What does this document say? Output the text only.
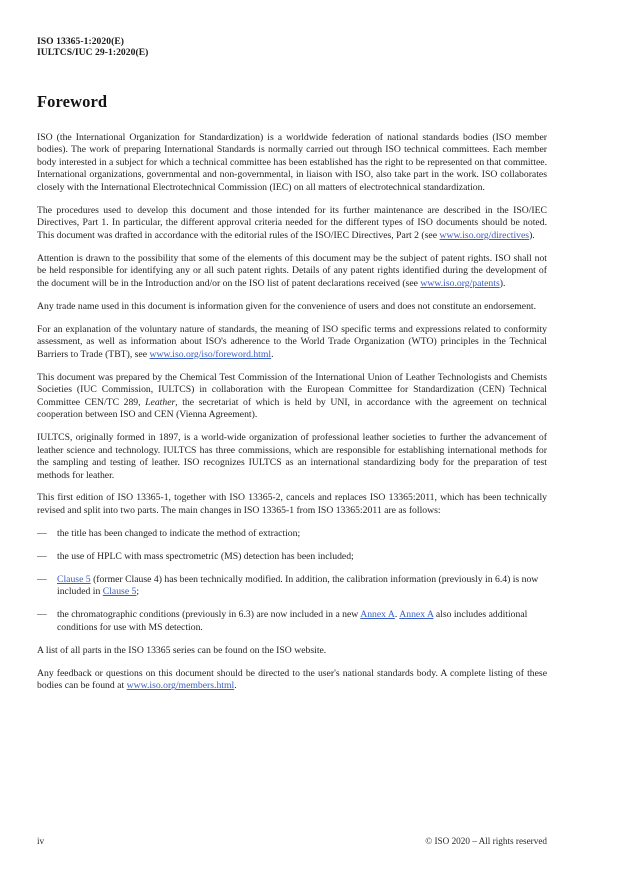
ISO 13365-1:2020(E)
IULTCS/IUC 29-1:2020(E)
Foreword

ISO (the International Organization for Standardization) is a worldwide federation of national standards bodies (ISO member bodies). The work of preparing International Standards is normally carried out through ISO technical committees. Each member body interested in a subject for which a technical committee has been established has the right to be represented on that committee. International organizations, governmental and non-governmental, in liaison with ISO, also take part in the work. ISO collaborates closely with the International Electrotechnical Commission (IEC) on all matters of electrotechnical standardization.

The procedures used to develop this document and those intended for its further maintenance are described in the ISO/IEC Directives, Part 1. In particular, the different approval criteria needed for the different types of ISO documents should be noted. This document was drafted in accordance with the editorial rules of the ISO/IEC Directives, Part 2 (see www.iso.org/directives).

Attention is drawn to the possibility that some of the elements of this document may be the subject of patent rights. ISO shall not be held responsible for identifying any or all such patent rights. Details of any patent rights identified during the development of the document will be in the Introduction and/or on the ISO list of patent declarations received (see www.iso.org/patents).

Any trade name used in this document is information given for the convenience of users and does not constitute an endorsement.

For an explanation of the voluntary nature of standards, the meaning of ISO specific terms and expressions related to conformity assessment, as well as information about ISO's adherence to the World Trade Organization (WTO) principles in the Technical Barriers to Trade (TBT), see www.iso.org/iso/foreword.html.

This document was prepared by the Chemical Test Commission of the International Union of Leather Technologists and Chemists Societies (IUC Commission, IULTCS) in collaboration with the European Committee for Standardization (CEN) Technical Committee CEN/TC 289, Leather, the secretariat of which is held by UNI, in accordance with the agreement on technical cooperation between ISO and CEN (Vienna Agreement).

IULTCS, originally formed in 1897, is a world-wide organization of professional leather societies to further the advancement of leather science and technology. IULTCS has three commissions, which are responsible for establishing international methods for the sampling and testing of leather. ISO recognizes IULTCS as an international standardizing body for the preparation of test methods for leather.

This first edition of ISO 13365-1, together with ISO 13365-2, cancels and replaces ISO 13365:2011, which has been technically revised and split into two parts. The main changes in ISO 13365-1 from ISO 13365:2011 are as follows:

—	the title has been changed to indicate the method of extraction;

—	the use of HPLC with mass spectrometric (MS) detection has been included;

—	Clause 5 (former Clause 4) has been technically modified. In addition, the calibration information (previously in 6.4) is now included in Clause 5;

—	the chromatographic conditions (previously in 6.3) are now included in a new Annex A. Annex A also includes additional conditions for use with MS detection.

A list of all parts in the ISO 13365 series can be found on the ISO website.

Any feedback or questions on this document should be directed to the user's national standards body. A complete listing of these bodies can be found at www.iso.org/members.html.

iv	© ISO 2020 – All rights reserved
